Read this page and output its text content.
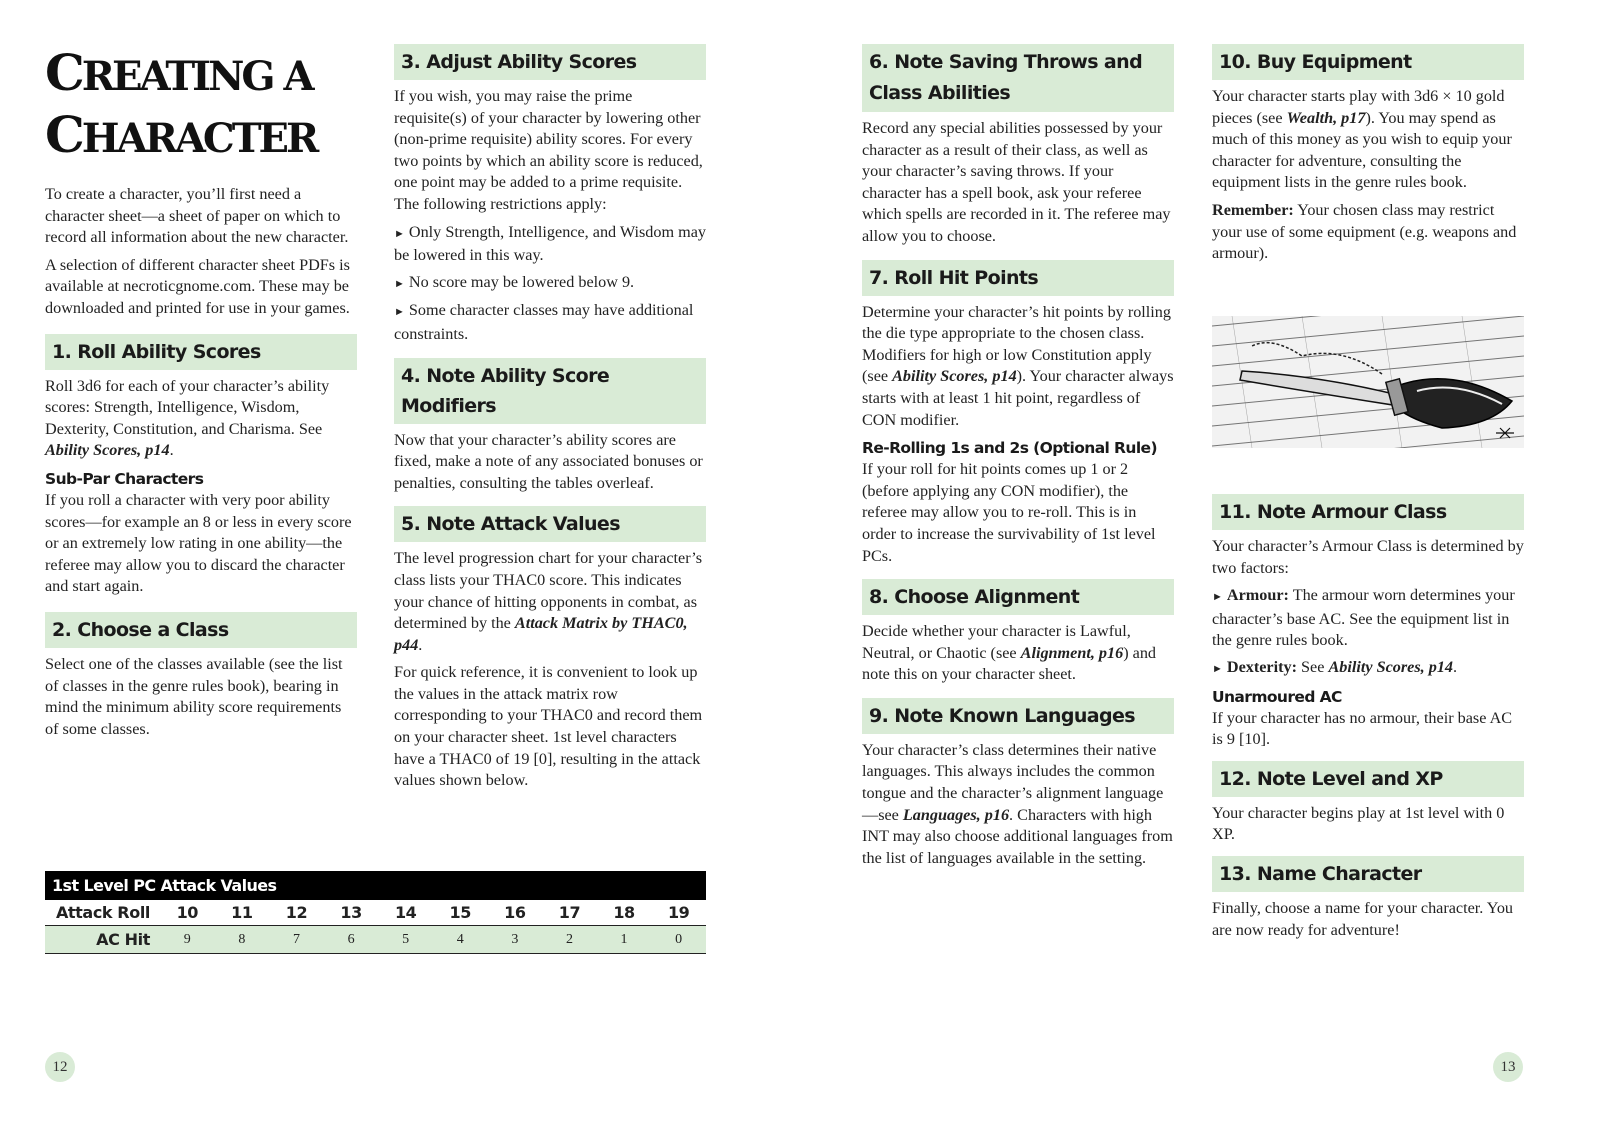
CREATING A
CHARACTER

To create a character, you’ll first need a character sheet—a sheet of paper on which to record all information about the new character.

A selection of different character sheet PDFs is available at necroticgnome.com. These may be downloaded and printed for use in your games.

1. Roll Ability Scores

Roll 3d6 for each of your character’s ability scores: Strength, Intelligence, Wisdom, Dexterity, Constitution, and Charisma. See Ability Scores, p14.

Sub-Par Characters

If you roll a character with very poor ability scores—for example an 8 or less in every score or an extremely low rating in one ability—the referee may allow you to discard the character and start again.

2. Choose a Class

Select one of the classes available (see the list of classes in the genre rules book), bearing in mind the minimum ability score requirements of some classes.

3. Adjust Ability Scores

If you wish, you may raise the prime requisite(s) of your character by lowering other (non-prime requisite) ability scores. For every two points by which an ability score is reduced, one point may be added to a prime requisite. The following restrictions apply:

► Only Strength, Intelligence, and Wisdom may be lowered in this way.

► No score may be lowered below 9.

► Some character classes may have additional constraints.

4. Note Ability Score Modifiers

Now that your character’s ability scores are fixed, make a note of any associated bonuses or penalties, consulting the tables overleaf.

5. Note Attack Values

The level progression chart for your character’s class lists your THAC0 score. This indicates your chance of hitting opponents in combat, as determined by the Attack Matrix by THAC0, p44.

For quick reference, it is convenient to look up the values in the attack matrix row corresponding to your THAC0 and record them on your character sheet. 1st level characters have a THAC0 of 19 [0], resulting in the attack values shown below.

1st Level PC Attack Values
Attack Roll	10	11	12	13	14	15	16	17	18	19
AC Hit	9	8	7	6	5	4	3	2	1	0
6. Note Saving Throws and
Class Abilities

Record any special abilities possessed by your character as a result of their class, as well as your character’s saving throws. If your character has a spell book, ask your referee which spells are recorded in it. The referee may allow you to choose.

7. Roll Hit Points

Determine your character’s hit points by rolling the die type appropriate to the chosen class. Modifiers for high or low Constitution apply (see Ability Scores, p14). Your character always starts with at least 1 hit point, regardless of CON modifier.

Re-Rolling 1s and 2s (Optional Rule)

If your roll for hit points comes up 1 or 2 (before applying any CON modifier), the referee may allow you to re-roll. This is in order to increase the survivability of 1st level PCs.

8. Choose Alignment

Decide whether your character is Lawful, Neutral, or Chaotic (see Alignment, p16) and note this on your character sheet.

9. Note Known Languages

Your character’s class determines their native languages. This always includes the common tongue and the character’s alignment language—see Languages, p16. Characters with high INT may also choose additional languages from the list of languages available in the setting.

10. Buy Equipment

Your character starts play with 3d6 × 10 gold pieces (see Wealth, p17). You may spend as much of this money as you wish to equip your character for adventure, consulting the equipment lists in the genre rules book.

Remember: Your chosen class may restrict your use of some equipment (e.g. weapons and armour).

11. Note Armour Class

Your character’s Armour Class is determined by two factors:

► Armour: The armour worn determines your character’s base AC. See the equipment list in the genre rules book.

► Dexterity: See Ability Scores, p14.

Unarmoured AC

If your character has no armour, their base AC is 9 [10].

12. Note Level and XP

Your character begins play at 1st level with 0 XP.

13. Name Character

Finally, choose a name for your character. You are now ready for adventure!

12	13
